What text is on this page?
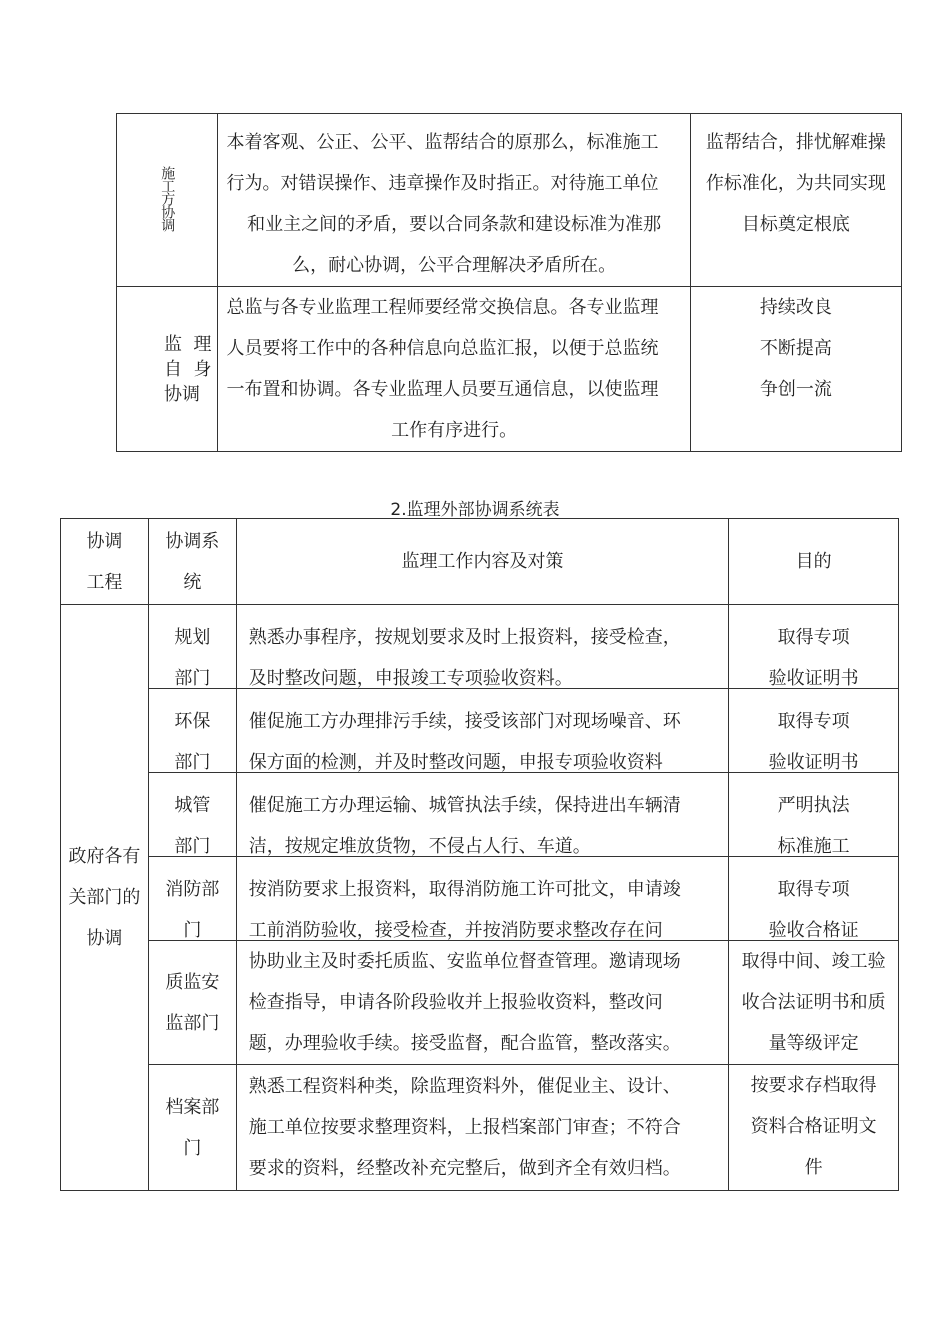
施工方协调	本着客观、公正、公平、监帮结合的原那么，标准施工
行为。对错误操作、违章操作及时指正。对待施工单位
和业主之间的矛盾，要以合同条款和建设标准为准那
么，耐心协调，公平合理解决矛盾所在。	监帮结合，排忧解难操
作标准化，为共同实现
目标奠定根底

监  理
自  身
协调	总监与各专业监理工程师要经常交换信息。各专业监理
人员要将工作中的各种信息向总监汇报，以便于总监统
一布置和协调。各专业监理人员要互通信息，以使监理
工作有序进行。	持续改良
不断提高
争创一流
2.监理外部协调系统表
协调
工程	协调系
统	监理工作内容及对策	目的

政府各有
关部门的
协调	规划
部门	熟悉办事程序，按规划要求及时上报资料，接受检查，
及时整改问题，申报竣工专项验收资料。	取得专项
验收证明书

	环保
部门	催促施工方办理排污手续，接受该部门对现场噪音、环
保方面的检测，并及时整改问题，申报专项验收资料	取得专项
验收证明书

	城管
部门	催促施工方办理运输、城管执法手续，保持进出车辆清
洁，按规定堆放货物，不侵占人行、车道。	严明执法
标准施工

	消防部
门	按消防要求上报资料，取得消防施工许可批文，申请竣
工前消防验收，接受检查，并按消防要求整改存在问	取得专项
验收合格证

	质监安
监部门	协助业主及时委托质监、安监单位督查管理。邀请现场
检查指导，申请各阶段验收并上报验收资料，整改问
题，办理验收手续。接受监督，配合监管，整改落实。	取得中间、竣工验
收合法证明书和质
量等级评定

	档案部
门	熟悉工程资料种类，除监理资料外，催促业主、设计、
施工单位按要求整理资料，上报档案部门审查；不符合
要求的资料，经整改补充完整后，做到齐全有效归档。	按要求存档取得
资料合格证明文
件
